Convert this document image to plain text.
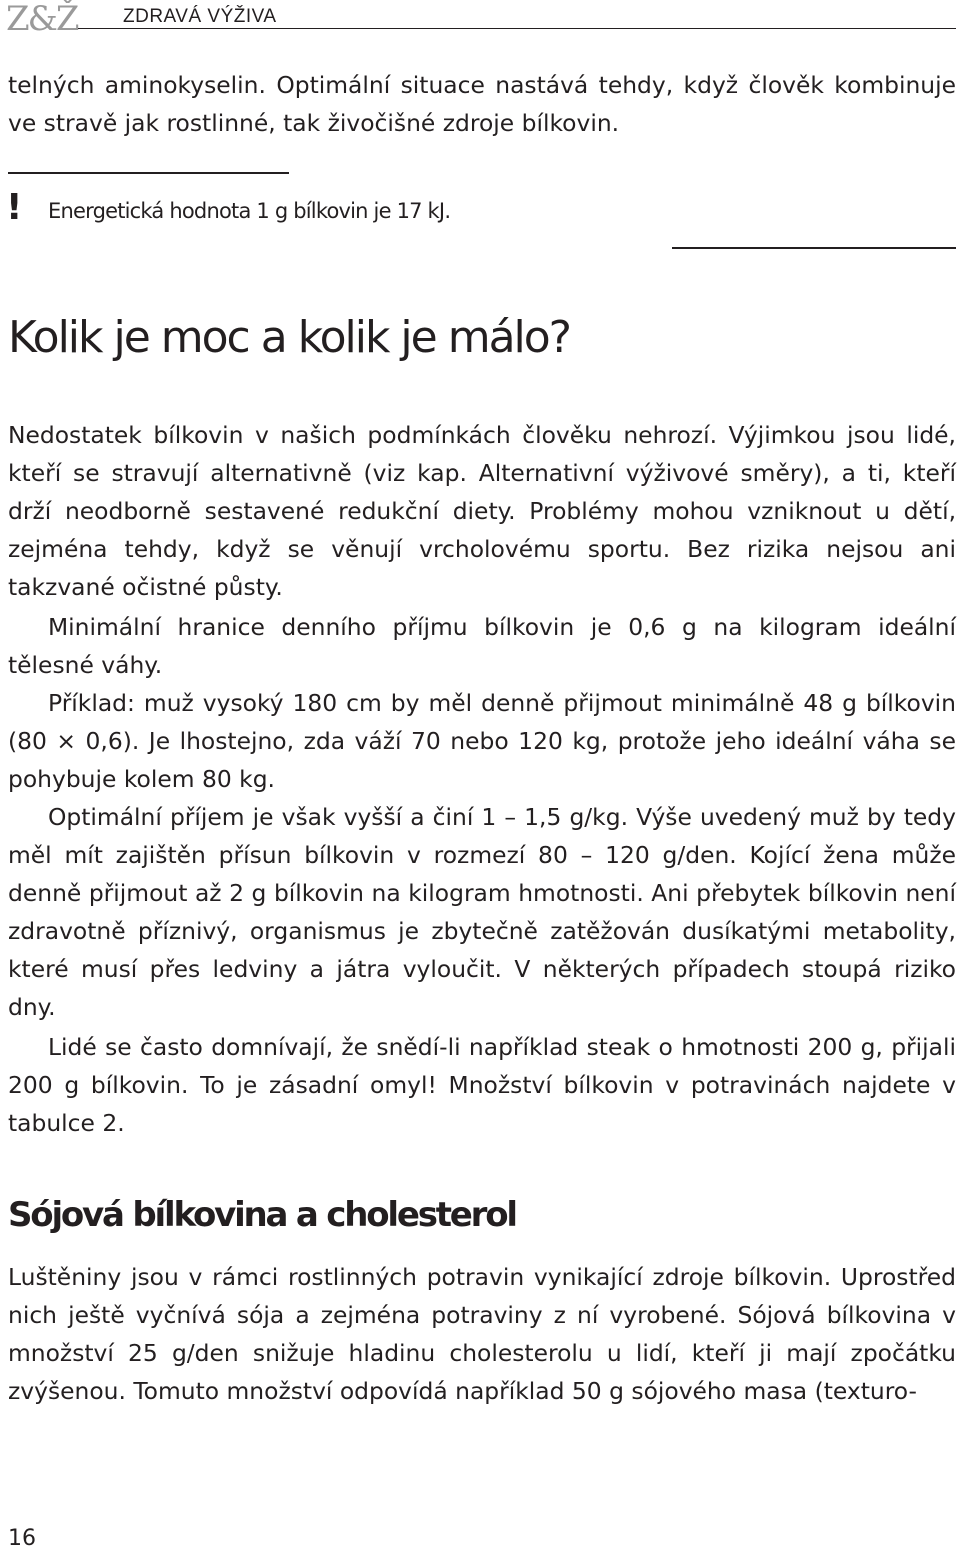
Z&Ž ZDRAVÁ VÝŽIVA

telných aminokyselin. Optimální situace nastává tehdy, když člověk kombinuje ve stravě jak rostlinné, tak živočišné zdroje bílkovin.

! Energetická hodnota 1 g bílkovin je 17 kJ.
Kolik je moc a kolik je málo?

Nedostatek bílkovin v našich podmínkách člověku nehrozí. Výjimkou jsou lidé, kteří se stravují alternativně (viz kap. Alternativní výživové směry), a ti, kteří drží neodborně sestavené redukční diety. Problémy mohou vzniknout u dětí, zejména tehdy, když se věnují vrcholovému sportu. Bez rizika nejsou ani takzvané očistné půsty.

Minimální hranice denního příjmu bílkovin je 0,6 g na kilogram ideální tělesné váhy.

Příklad: muž vysoký 180 cm by měl denně přijmout minimálně 48 g bílkovin (80 × 0,6). Je lhostejno, zda váží 70 nebo 120 kg, protože jeho ideální váha se pohybuje kolem 80 kg.

Optimální příjem je však vyšší a činí 1 – 1,5 g/kg. Výše uvedený muž by tedy měl mít zajištěn přísun bílkovin v rozmezí 80 – 120 g/den. Kojící žena může denně přijmout až 2 g bílkovin na kilogram hmotnosti. Ani přebytek bílkovin není zdravotně příznivý, organismus je zbytečně zatěžován dusíkatými metabolity, které musí přes ledviny a játra vyloučit. V některých případech stoupá riziko dny.

Lidé se často domnívají, že snědí-li například steak o hmotnosti 200 g, přijali 200 g bílkovin. To je zásadní omyl! Množství bílkovin v potravinách najdete v tabulce 2.

Sójová bílkovina a cholesterol

Luštěniny jsou v rámci rostlinných potravin vynikající zdroje bílkovin. Uprostřed nich ještě vyčnívá sója a zejména potraviny z ní vyrobené. Sójová bílkovina v množství 25 g/den snižuje hladinu cholesterolu u lidí, kteří ji mají zpočátku zvýšenou. Tomuto množství odpovídá například 50 g sójového masa (texturo-

16
